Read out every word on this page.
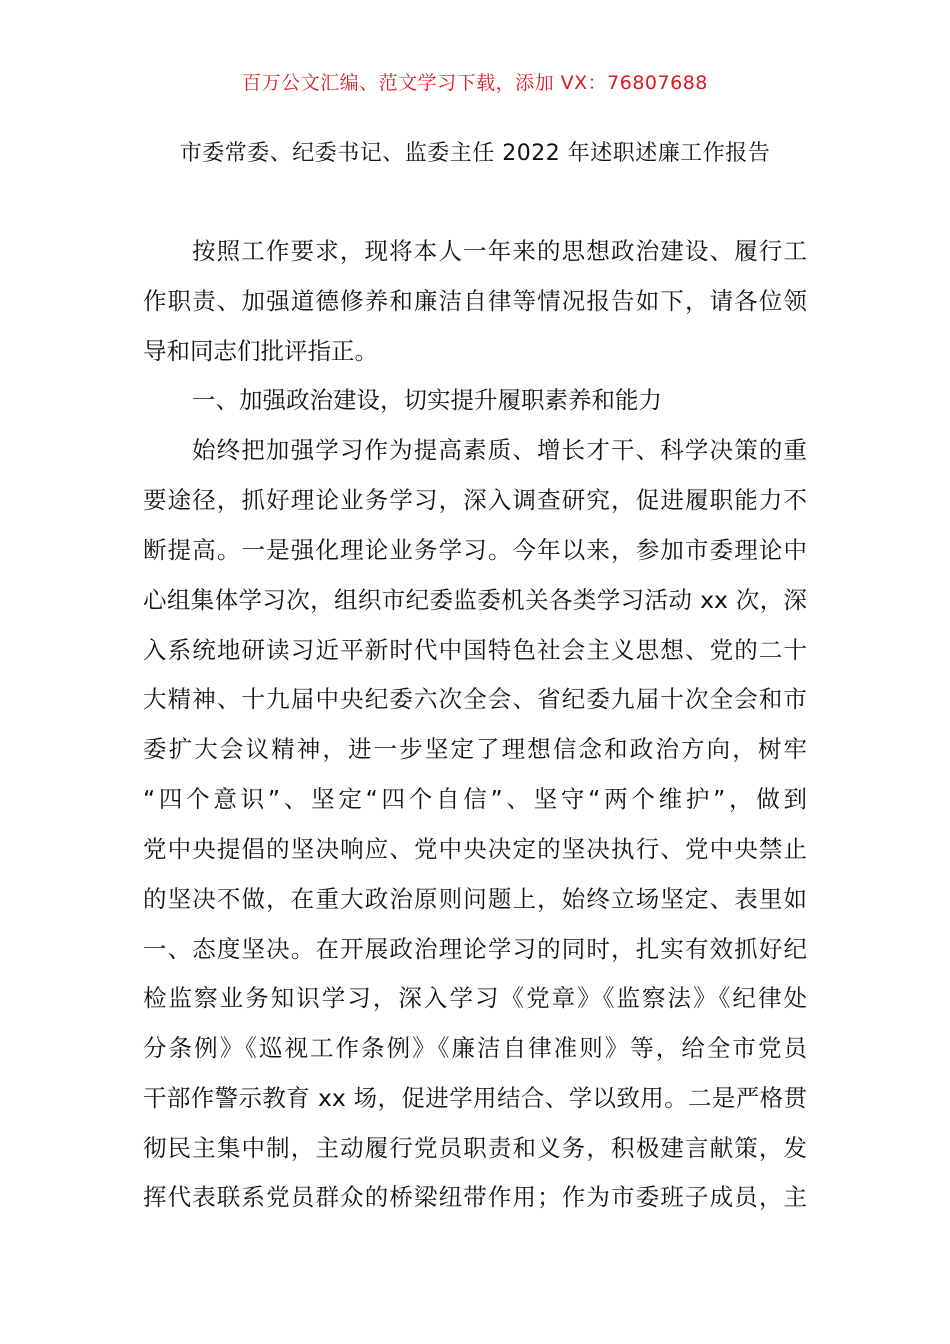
百万公文汇编、范文学习下载，添加 VX：76807688
市委常委、纪委书记、监委主任 2022 年述职述廉工作报告
按照工作要求，现将本人一年来的思想政治建设、履行工
作职责、加强道德修养和廉洁自律等情况报告如下，请各位领
导和同志们批评指正。
一、加强政治建设，切实提升履职素养和能力
始终把加强学习作为提高素质、增长才干、科学决策的重
要途径，抓好理论业务学习，深入调查研究，促进履职能力不
断提高。一是强化理论业务学习。今年以来，参加市委理论中
心组集体学习次，组织市纪委监委机关各类学习活动 xx 次，深
入系统地研读习近平新时代中国特色社会主义思想、党的二十
大精神、十九届中央纪委六次全会、省纪委九届十次全会和市
委扩大会议精神，进一步坚定了理想信念和政治方向，树牢
“四个意识”、坚定“四个自信”、坚守“两个维护”，做到
党中央提倡的坚决响应、党中央决定的坚决执行、党中央禁止
的坚决不做，在重大政治原则问题上，始终立场坚定、表里如
一、态度坚决。在开展政治理论学习的同时，扎实有效抓好纪
检监察业务知识学习，深入学习《党章》《监察法》《纪律处
分条例》《巡视工作条例》《廉洁自律准则》等，给全市党员
干部作警示教育 xx 场，促进学用结合、学以致用。二是严格贯
彻民主集中制，主动履行党员职责和义务，积极建言献策，发
挥代表联系党员群众的桥梁纽带作用；作为市委班子成员，主
